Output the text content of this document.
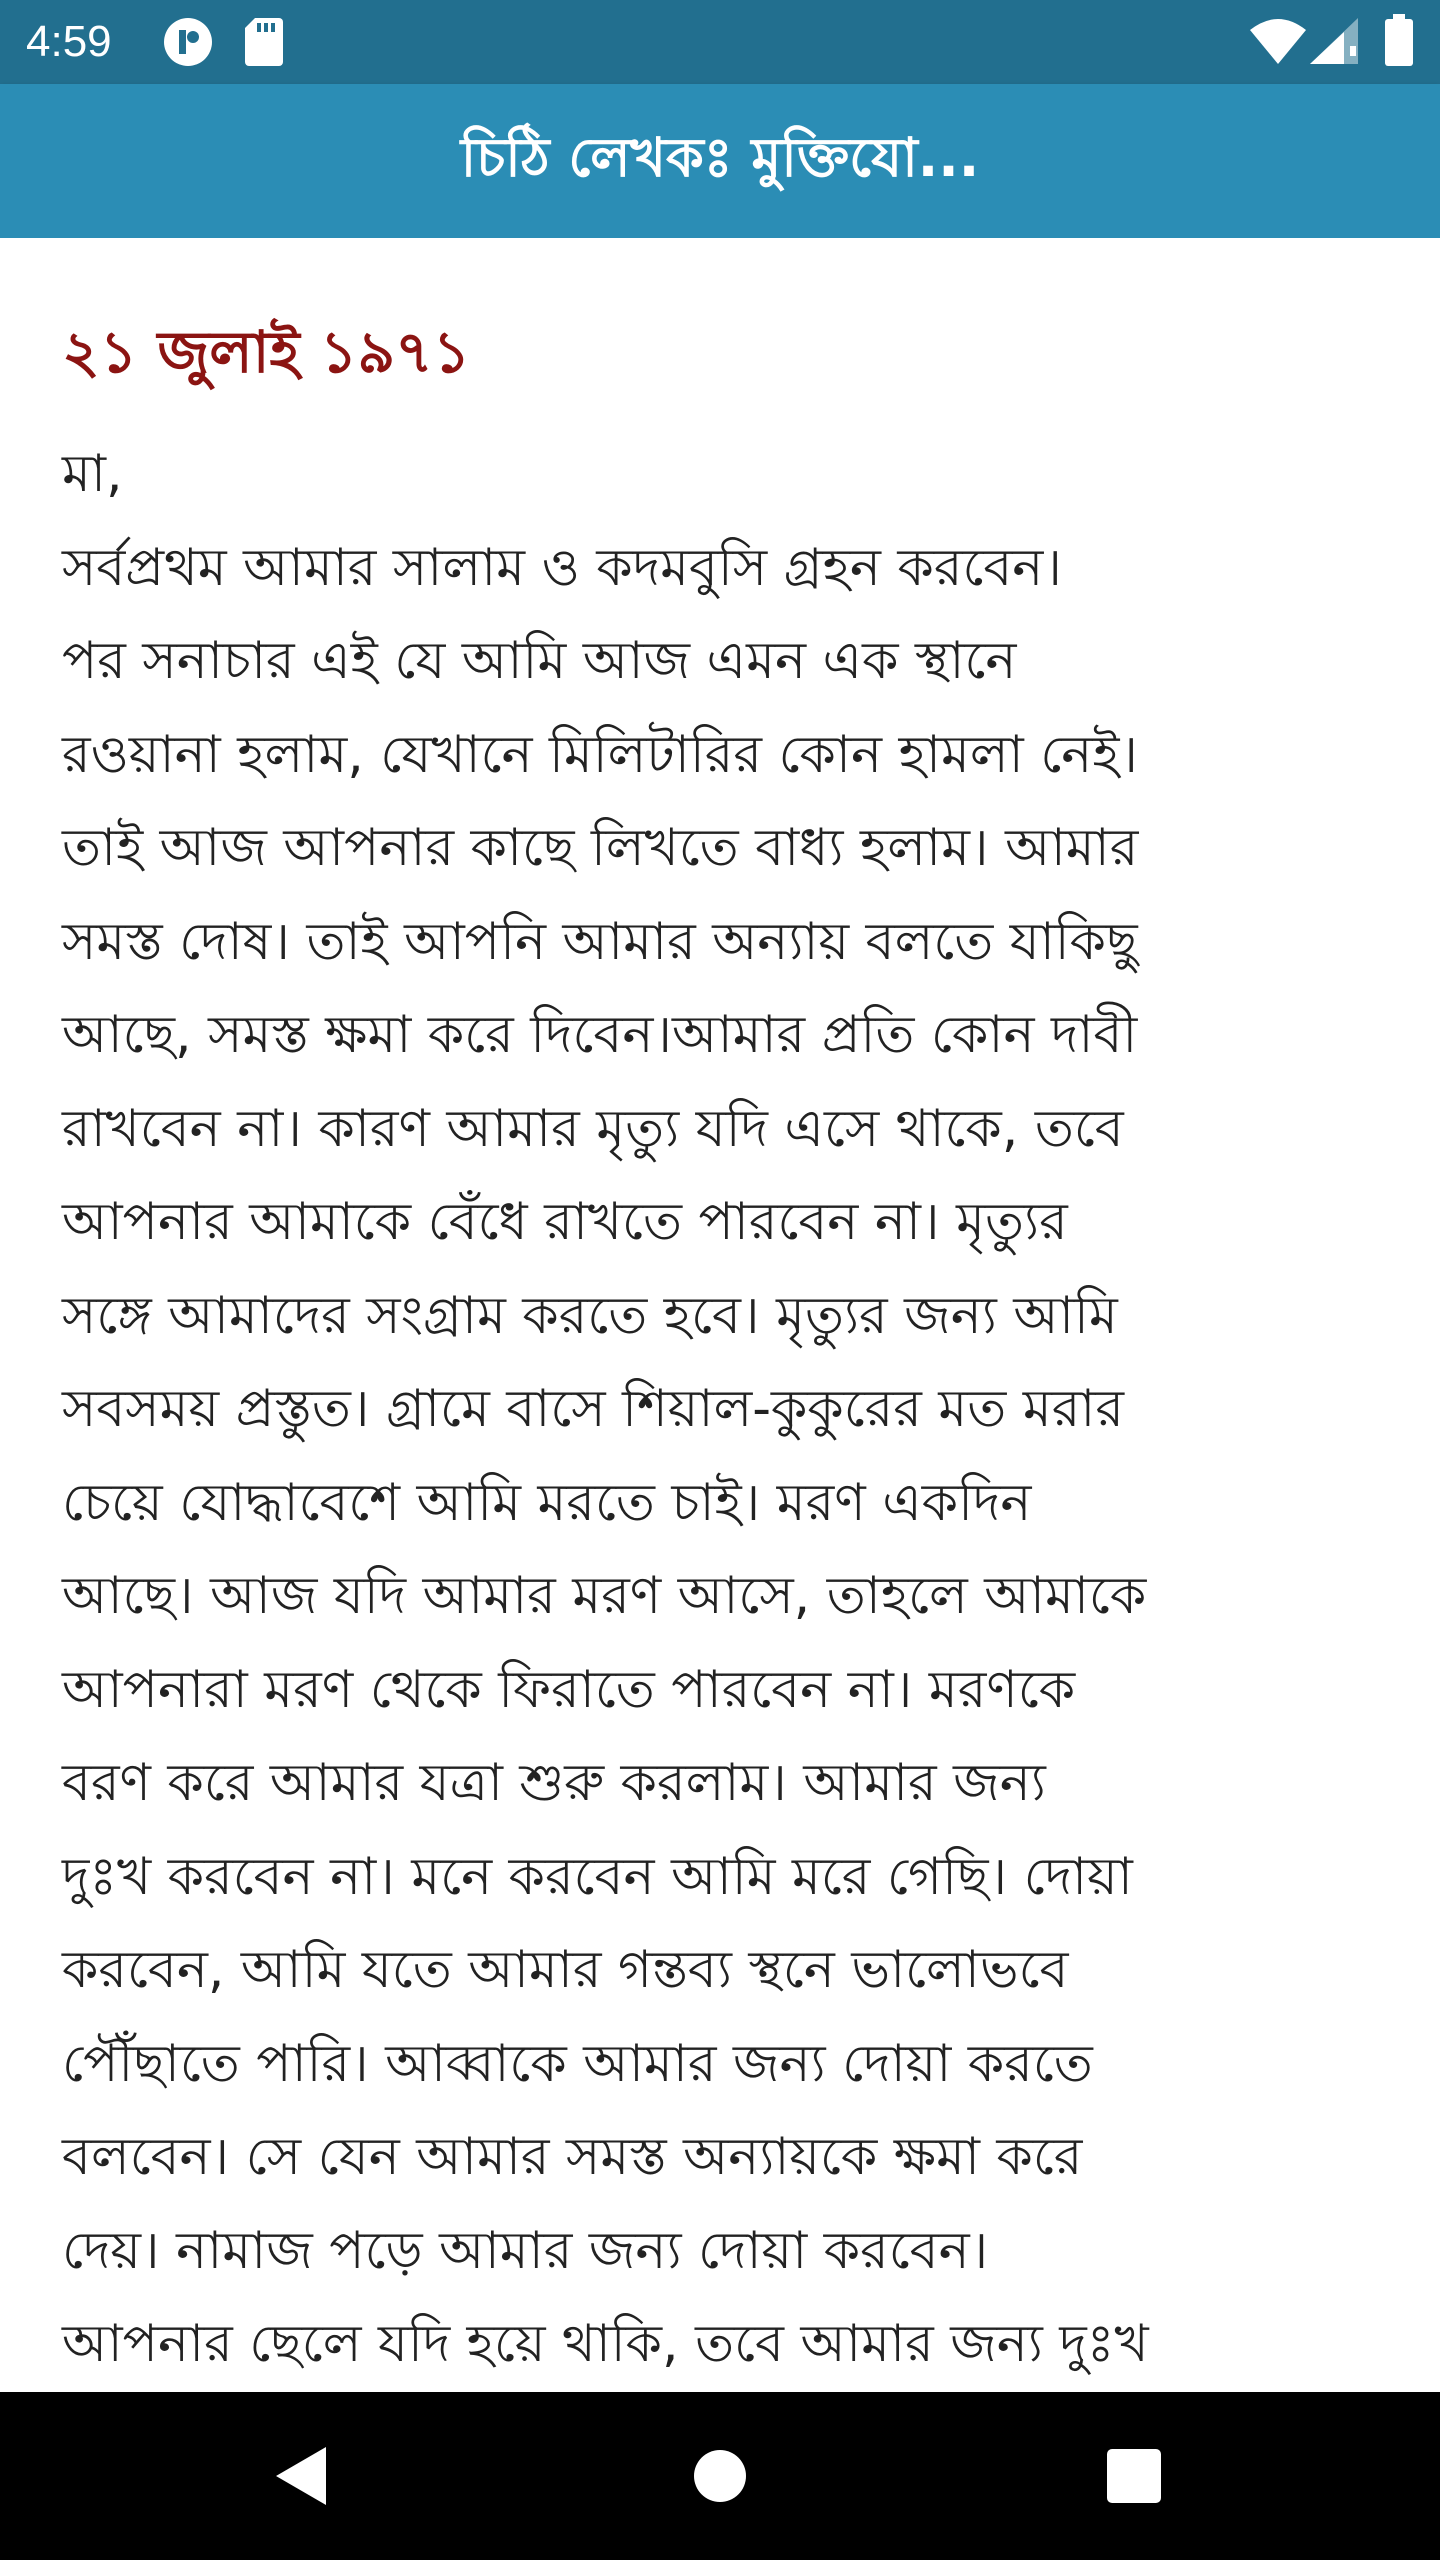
4:59
চিঠি লেখকঃ মুক্তিযো...
২১ জুলাই ১৯৭১
মা,
সর্বপ্রথম আমার সালাম ও কদমবুসি গ্রহন করবেন।
পর সনাচার এই যে আমি আজ এমন এক স্থানে
রওয়ানা হলাম, যেখানে মিলিটারির কোন হামলা নেই।
তাই আজ আপনার কাছে লিখতে বাধ্য হলাম। আমার
সমস্ত দোষ। তাই আপনি আমার অন্যায় বলতে যাকিছু
আছে, সমস্ত ক্ষমা করে দিবেন।আমার প্রতি কোন দাবী
রাখবেন না। কারণ আমার মৃত্যু যদি এসে থাকে, তবে
আপনার আমাকে বেঁধে রাখতে পারবেন না। মৃত্যুর
সঙ্গে আমাদের সংগ্রাম করতে হবে। মৃত্যুর জন্য আমি
সবসময় প্রস্তুত। গ্রামে বাসে শিয়াল-কুকুরের মত মরার
চেয়ে যোদ্ধাবেশে আমি মরতে চাই। মরণ একদিন
আছে। আজ যদি আমার মরণ আসে, তাহলে আমাকে
আপনারা মরণ থেকে ফিরাতে পারবেন না। মরণকে
বরণ করে আমার যত্রা শুরু করলাম। আমার জন্য
দুঃখ করবেন না। মনে করবেন আমি মরে গেছি। দোয়া
করবেন, আমি যতে আমার গন্তব্য স্থনে ভালোভবে
পৌঁছাতে পারি। আব্বাকে আমার জন্য দোয়া করতে
বলবেন। সে যেন আমার সমস্ত অন্যায়কে ক্ষমা করে
দেয়। নামাজ পড়ে আমার জন্য দোয়া করবেন।
আপনার ছেলে যদি হয়ে থাকি, তবে আমার জন্য দুঃখ
